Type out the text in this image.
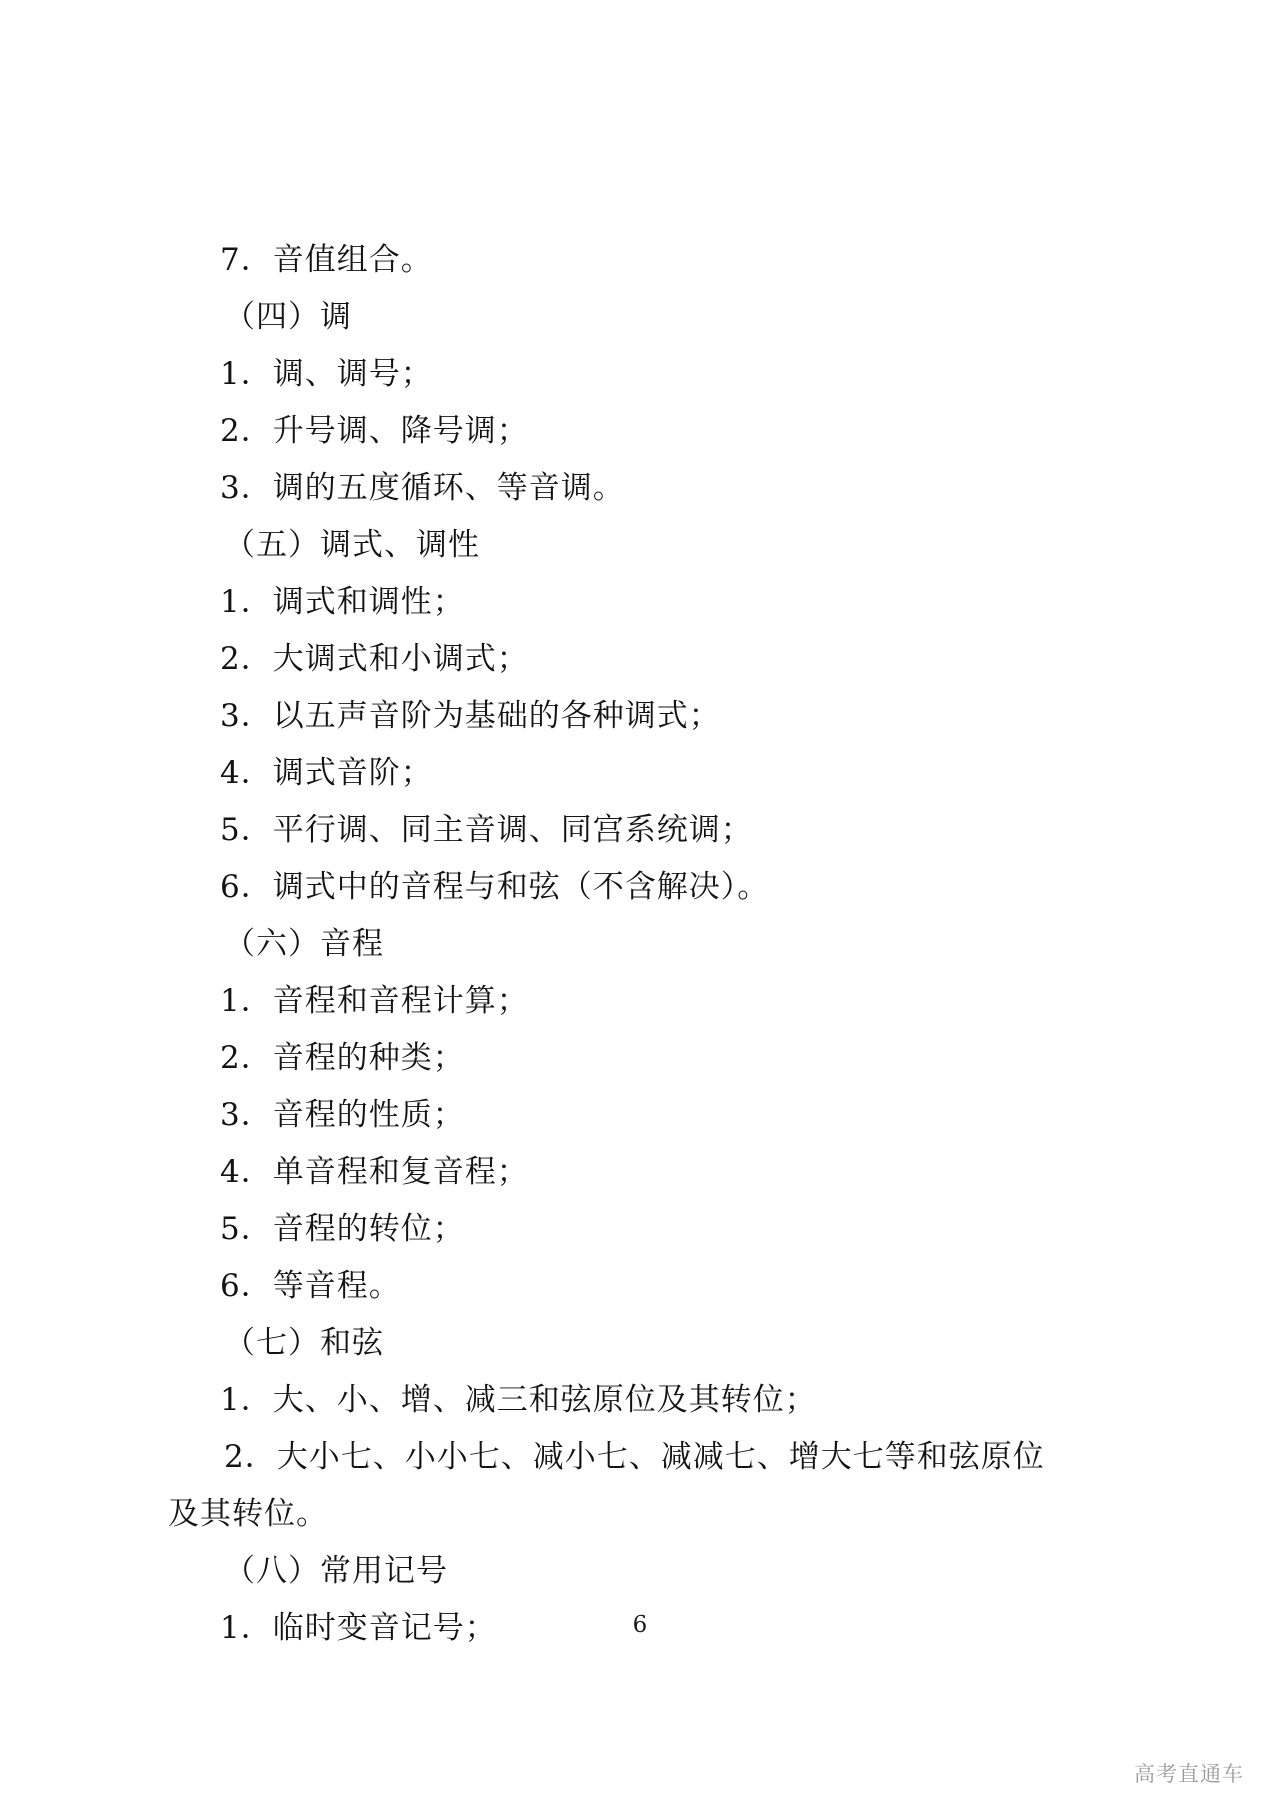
7．音值组合。
（四）调
1．调、调号；
2．升号调、降号调；
3．调的五度循环、等音调。
（五）调式、调性
1．调式和调性；
2．大调式和小调式；
3．以五声音阶为基础的各种调式；
4．调式音阶；
5．平行调、同主音调、同宫系统调；
6．调式中的音程与和弦（不含解决）。
（六）音程
1．音程和音程计算；
2．音程的种类；
3．音程的性质；
4．单音程和复音程；
5．音程的转位；
6．等音程。
（七）和弦
1．大、小、增、减三和弦原位及其转位；
2．大小七、小小七、减小七、减减七、增大七等和弦原位
及其转位。
（八）常用记号
1．临时变音记号；	6
高考直通车
